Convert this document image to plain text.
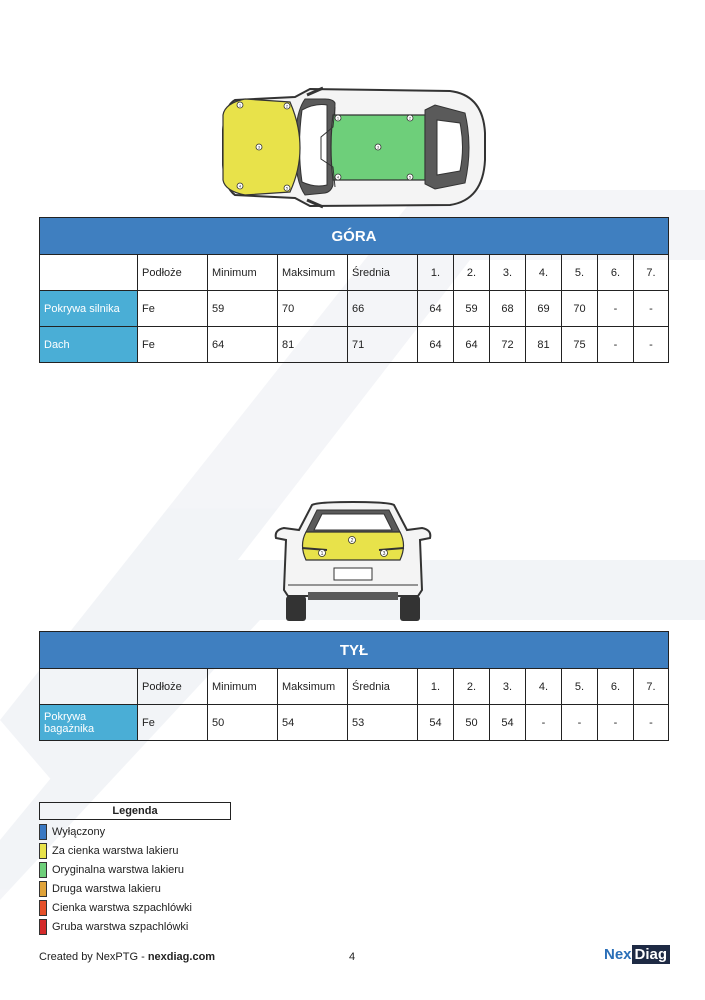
1	2
3
4	5
1	2
3
4	5
GÓRA											
	Podłoże	Minimum	Maksimum	Średnia	1.	2.	3.	4.	5.	6.	7.
Pokrywa silnika	Fe	59	70	66	64	59	68	69	70	-	-
Dach	Fe	64	81	71	64	64	72	81	75	-	-
1
2
3
TYŁ											
	Podłoże	Minimum	Maksimum	Średnia	1.	2.	3.	4.	5.	6.	7.
Pokrywa bagażnika	Fe	50	54	53	54	50	54	-	-	-	-
Legenda
Wyłączony
Za cienka warstwa lakieru
Oryginalna warstwa lakieru
Druga warstwa lakieru
Cienka warstwa szpachlówki
Gruba warstwa szpachlówki
Created by NexPTG - nexdiag.com	4	Nex Diag
